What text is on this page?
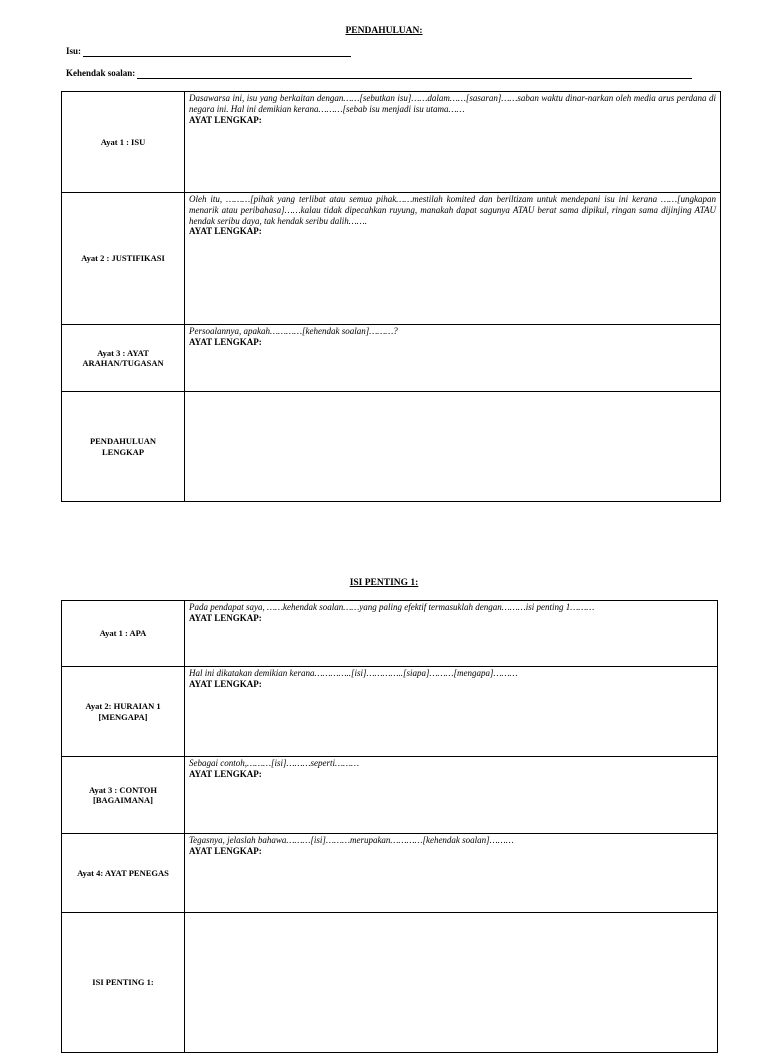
PENDAHULUAN:
Isu:
Kehendak soalan:
Ayat 1 : ISU	Dasawarsa ini, isu yang berkaitan dengan……[sebutkan isu]……dalam……[sasaran]……saban waktu dinar-narkan oleh media arus perdana di negara ini. Hal ini demikian kerana………[sebab isu menjadi isu utama……
AYAT LENGKAP:

Ayat 2 : JUSTIFIKASI	Oleh itu, ………[pihak yang terlibat atau semua pihak……mestilah komited dan beriltizam untuk mendepani isu ini kerana ……[ungkapan menarik atau peribahasa]……kalau tidak dipecahkan ruyung, manakah dapat sagunya ATAU berat sama dipikul, ringan sama dijinjing ATAU hendak seribu daya, tak hendak seribu dalih…….
AYAT LENGKAP:

Ayat 3 : AYAT ARAHAN/TUGASAN	Persoalannya, apakah…………[kehendak soalan]………?
AYAT LENGKAP:

PENDAHULUAN LENGKAP	
ISI PENTING 1:
Ayat 1 : APA	Pada pendapat saya, ……kehendak soalan……yang paling efektif termasuklah dengan………isi penting 1………
AYAT LENGKAP:

Ayat 2: HURAIAN 1 [MENGAPA]	Hal ini dikatakan demikian kerana…………..[isi]…………..[siapa]………[mengapa]………
AYAT LENGKAP:

Ayat 3 : CONTOH [BAGAIMANA]	Sebagai contoh,………[isi]………seperti………
AYAT LENGKAP:

Ayat 4: AYAT PENEGAS	Tegasnya, jelaslah bahawa………[isi]………merupakan…………[kehendak soalan]………
AYAT LENGKAP:

ISI PENTING 1:	
